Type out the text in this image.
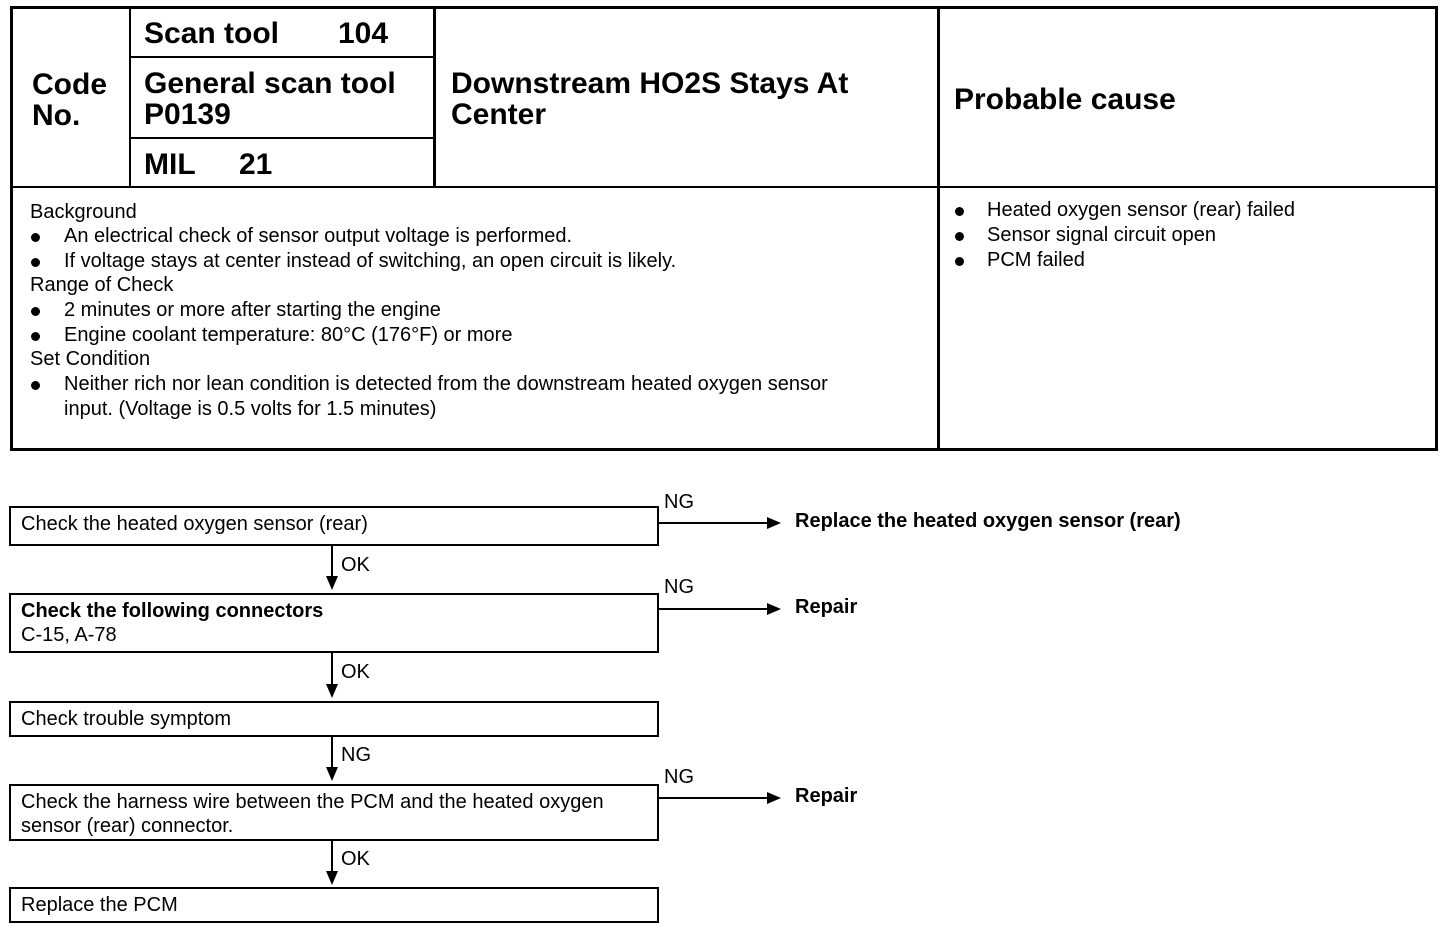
Code
No.
Scan tool 104
General scan tool
P0139
MIL 21
Downstream HO2S Stays At
Center	Probable cause
Background
An electrical check of sensor output voltage is performed.
If voltage stays at center instead of switching, an open circuit is likely.
Range of Check
2 minutes or more after starting the engine
Engine coolant temperature: 80°C (176°F) or more
Set Condition
Neither rich nor lean condition is detected from the downstream heated oxygen sensor
input. (Voltage is 0.5 volts for 1.5 minutes)
Heated oxygen sensor (rear) failed
Sensor signal circuit open
PCM failed
Check the heated oxygen sensor (rear)
NG
Replace the heated oxygen sensor (rear)
OK
Check the following connectors
C-15, A-78
NG
Repair
OK
Check trouble symptom
NG
Check the harness wire between the PCM and the heated oxygen
sensor (rear) connector.
NG
Repair
OK
Replace the PCM
